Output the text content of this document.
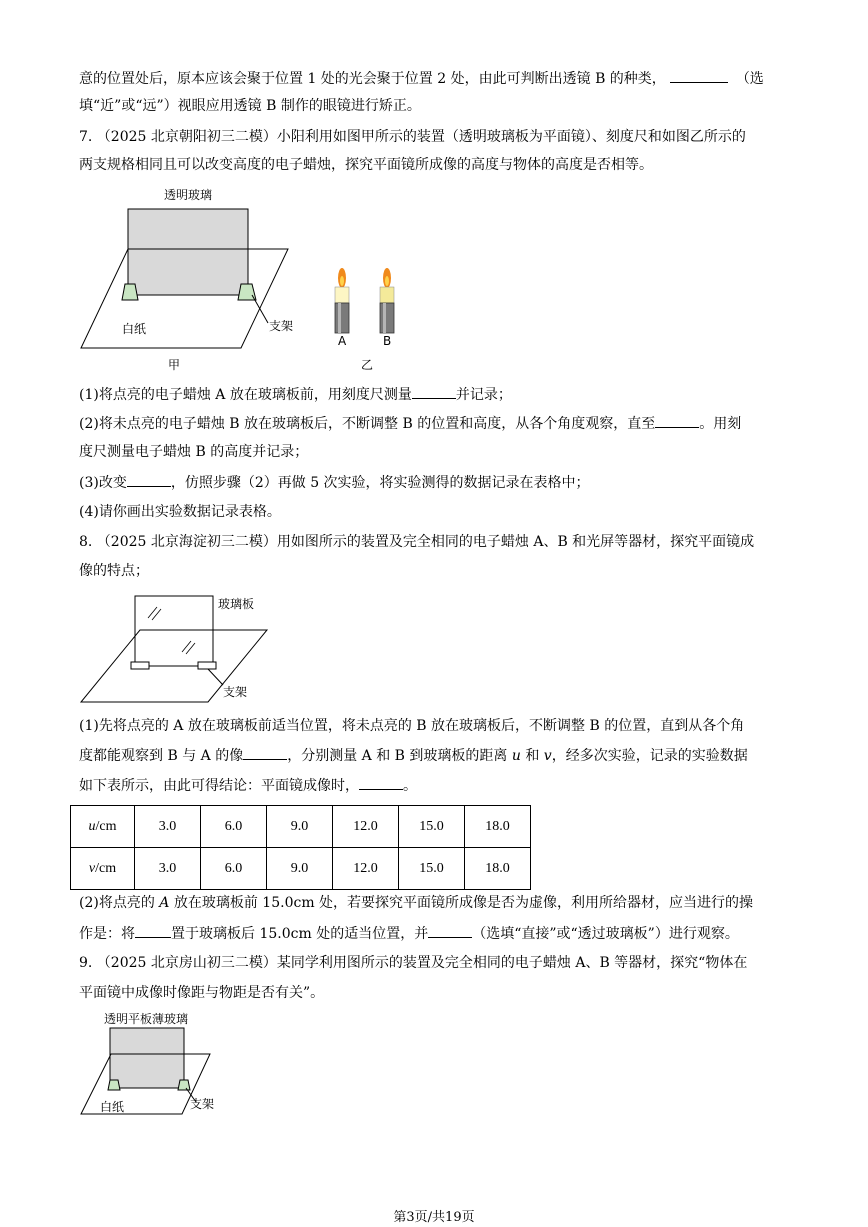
意的位置处后，原本应该会聚于位置 1 处的光会聚于位置 2 处，由此可判断出透镜 B 的种类，	（选
填“近”或“远”）视眼应用透镜 B 制作的眼镜进行矫正。
7. （2025 北京朝阳初三二模）小阳利用如图甲所示的装置（透明玻璃板为平面镜）、刻度尺和如图乙所示的
两支规格相同且可以改变高度的电子蜡烛，探究平面镜所成像的高度与物体的高度是否相等。
透明玻璃
支架
白纸
甲
A	B
乙
(1)将点亮的电子蜡烛 A 放在玻璃板前，用刻度尺测量	并记录；
(2)将未点亮的电子蜡烛 B 放在玻璃板后，不断调整 B 的位置和高度，从各个角度观察，直至	。用刻
度尺测量电子蜡烛 B 的高度并记录；
(3)改变	，仿照步骤（2）再做 5 次实验，将实验测得的数据记录在表格中；
(4)请你画出实验数据记录表格。
8. （2025 北京海淀初三二模）用如图所示的装置及完全相同的电子蜡烛 A、B 和光屏等器材，探究平面镜成
像的特点；
玻璃板
支架
(1)先将点亮的 A 放在玻璃板前适当位置，将未点亮的 B 放在玻璃板后，不断调整 B 的位置，直到从各个角
度都能观察到 B 与 A 的像	，分别测量 A 和 B 到玻璃板的距离 u 和 v，经多次实验，记录的实验数据
如下表所示，由此可得结论：平面镜成像时，	。
u/cm	3.0	6.0	9.0	12.0	15.0	18.0
v/cm	3.0	6.0	9.0	12.0	15.0	18.0
(2)将点亮的 A 放在玻璃板前 15.0cm 处，若要探究平面镜所成像是否为虚像，利用所给器材，应当进行的操
作是：将	置于玻璃板后 15.0cm 处的适当位置，并	（选填“直接”或“透过玻璃板”）进行观察。
9. （2025 北京房山初三二模）某同学利用图所示的装置及完全相同的电子蜡烛 A、B 等器材，探究“物体在
平面镜中成像时像距与物距是否有关”。
透明平板薄玻璃
支架
白纸
第3页/共19页
